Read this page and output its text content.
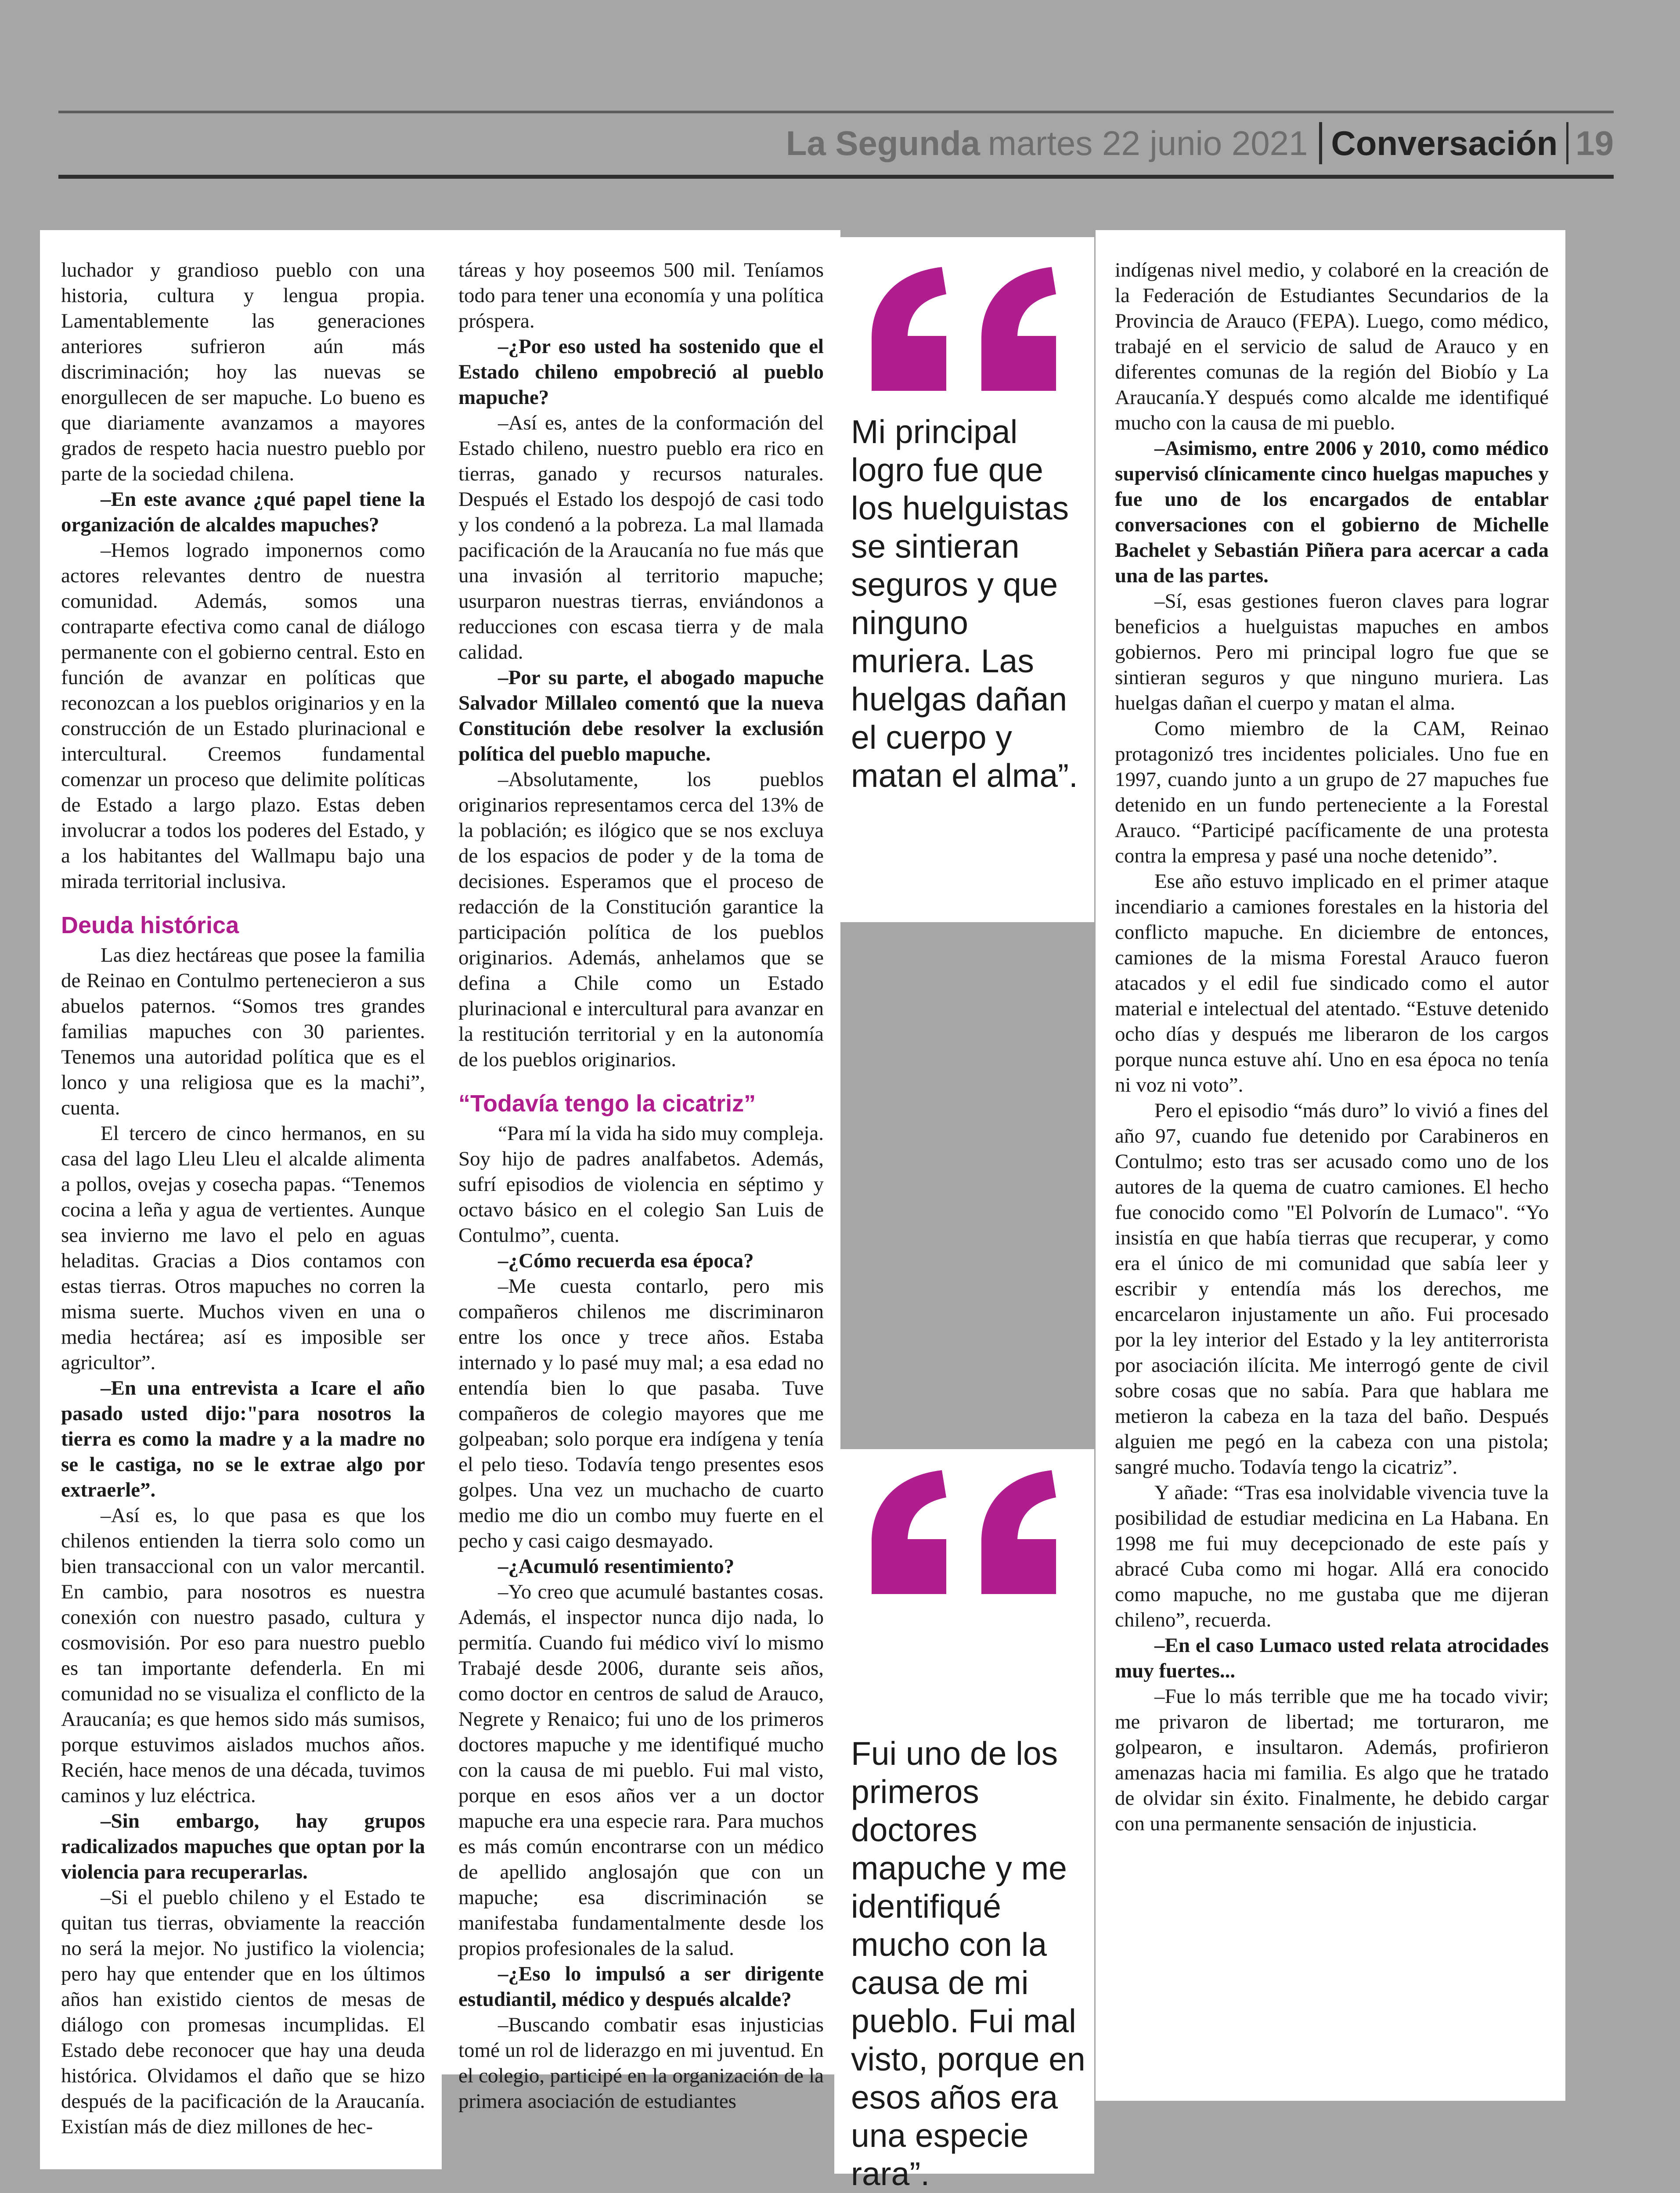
La Segunda martes 22 junio 2021 Conversación 19

luchador y grandioso pueblo con una historia, cultura y lengua propia. Lamentablemente las generaciones anteriores sufrieron aún más discriminación; hoy las nuevas se enorgullecen de ser mapuche. Lo bueno es que diariamente avanzamos a mayores grados de respeto hacia nuestro pueblo por parte de la sociedad chilena.

–En este avance ¿qué papel tiene la organización de alcaldes mapuches?

–Hemos logrado imponernos como actores relevantes dentro de nuestra comunidad. Además, somos una contraparte efectiva como canal de diálogo permanente con el gobierno central. Esto en función de avanzar en políticas que reconozcan a los pueblos originarios y en la construcción de un Estado plurinacional e intercultural. Creemos fundamental comenzar un proceso que delimite políticas de Estado a largo plazo. Estas deben involucrar a todos los poderes del Estado, y a los habitantes del Wallmapu bajo una mirada territorial inclusiva.

Deuda histórica

Las diez hectáreas que posee la familia de Reinao en Contulmo pertenecieron a sus abuelos paternos. “Somos tres grandes familias mapuches con 30 parientes. Tenemos una autoridad política que es el lonco y una religiosa que es la machi”, cuenta.

El tercero de cinco hermanos, en su casa del lago Lleu Lleu el alcalde alimenta a pollos, ovejas y cosecha papas. “Tenemos cocina a leña y agua de vertientes. Aunque sea invierno me lavo el pelo en aguas heladitas. Gracias a Dios contamos con estas tierras. Otros mapuches no corren la misma suerte. Muchos viven en una o media hectárea; así es imposible ser agricultor”.

–En una entrevista a Icare el año pasado usted dijo:"para nosotros la tierra es como la madre y a la madre no se le castiga, no se le extrae algo por extraerle”.

–Así es, lo que pasa es que los chilenos entienden la tierra solo como un bien transaccional con un valor mercantil. En cambio, para nosotros es nuestra conexión con nuestro pasado, cultura y cosmovisión. Por eso para nuestro pueblo es tan importante defenderla. En mi comunidad no se visualiza el conflicto de la Araucanía; es que hemos sido más sumisos, porque estuvimos aislados muchos años. Recién, hace menos de una década, tuvimos caminos y luz eléctrica.

–Sin embargo, hay grupos radicalizados mapuches que optan por la violencia para recuperarlas.

–Si el pueblo chileno y el Estado te quitan tus tierras, obviamente la reacción no será la mejor. No justifico la violencia; pero hay que entender que en los últimos años han existido cientos de mesas de diálogo con promesas incumplidas. El Estado debe reconocer que hay una deuda histórica. Olvidamos el daño que se hizo después de la pacificación de la Araucanía. Existían más de diez millones de hec-

táreas y hoy poseemos 500 mil. Teníamos todo para tener una economía y una política próspera.

–¿Por eso usted ha sostenido que el Estado chileno empobreció al pueblo mapuche?

–Así es, antes de la conformación del Estado chileno, nuestro pueblo era rico en tierras, ganado y recursos naturales. Después el Estado los despojó de casi todo y los condenó a la pobreza. La mal llamada pacificación de la Araucanía no fue más que una invasión al territorio mapuche; usurparon nuestras tierras, enviándonos a reducciones con escasa tierra y de mala calidad.

–Por su parte, el abogado mapuche Salvador Millaleo comentó que la nueva Constitución debe resolver la exclusión política del pueblo mapuche.

–Absolutamente, los pueblos originarios representamos cerca del 13% de la población; es ilógico que se nos excluya de los espacios de poder y de la toma de decisiones. Esperamos que el proceso de redacción de la Constitución garantice la participación política de los pueblos originarios. Además, anhelamos que se defina a Chile como un Estado plurinacional e intercultural para avanzar en la restitución territorial y en la autonomía de los pueblos originarios.

“Todavía tengo la cicatriz”

“Para mí la vida ha sido muy compleja. Soy hijo de padres analfabetos. Además, sufrí episodios de violencia en séptimo y octavo básico en el colegio San Luis de Contulmo”, cuenta.

–¿Cómo recuerda esa época?

–Me cuesta contarlo, pero mis compañeros chilenos me discriminaron entre los once y trece años. Estaba internado y lo pasé muy mal; a esa edad no entendía bien lo que pasaba. Tuve compañeros de colegio mayores que me golpeaban; solo porque era indígena y tenía el pelo tieso. Todavía tengo presentes esos golpes. Una vez un muchacho de cuarto medio me dio un combo muy fuerte en el pecho y casi caigo desmayado.

–¿Acumuló resentimiento?

–Yo creo que acumulé bastantes cosas. Además, el inspector nunca dijo nada, lo permitía. Cuando fui médico viví lo mismo Trabajé desde 2006, durante seis años, como doctor en centros de salud de Arauco, Negrete y Renaico; fui uno de los primeros doctores mapuche y me identifiqué mucho con la causa de mi pueblo. Fui mal visto, porque en esos años ver a un doctor mapuche era una especie rara. Para muchos es más común encontrarse con un médico de apellido anglosajón que con un mapuche; esa discriminación se manifestaba fundamentalmente desde los propios profesionales de la salud.

–¿Eso lo impulsó a ser dirigente estudiantil, médico y después alcalde?

–Buscando combatir esas injusticias tomé un rol de liderazgo en mi juventud. En el colegio, participé en la organización de la primera asociación de estudiantes

Mi principal logro fue que los huelguistas se sintieran seguros y que ninguno muriera. Las huelgas dañan el cuerpo y matan el alma”.

Fui uno de los primeros doctores mapuche y me identifiqué mucho con la causa de mi pueblo. Fui mal visto, porque en esos años era una especie rara”.

indígenas nivel medio, y colaboré en la creación de la Federación de Estudiantes Secundarios de la Provincia de Arauco (FEPA). Luego, como médico, trabajé en el servicio de salud de Arauco y en diferentes comunas de la región del Biobío y La Araucanía.Y después como alcalde me identifiqué mucho con la causa de mi pueblo.

–Asimismo, entre 2006 y 2010, como médico supervisó clínicamente cinco huelgas mapuches y fue uno de los encargados de entablar conversaciones con el gobierno de Michelle Bachelet y Sebastián Piñera para acercar a cada una de las partes.

–Sí, esas gestiones fueron claves para lograr beneficios a huelguistas mapuches en ambos gobiernos. Pero mi principal logro fue que se sintieran seguros y que ninguno muriera. Las huelgas dañan el cuerpo y matan el alma.

Como miembro de la CAM, Reinao protagonizó tres incidentes policiales. Uno fue en 1997, cuando junto a un grupo de 27 mapuches fue detenido en un fundo perteneciente a la Forestal Arauco. “Participé pacíficamente de una protesta contra la empresa y pasé una noche detenido”.

Ese año estuvo implicado en el primer ataque incendiario a camiones forestales en la historia del conflicto mapuche. En diciembre de entonces, camiones de la misma Forestal Arauco fueron atacados y el edil fue sindicado como el autor material e intelectual del atentado. “Estuve detenido ocho días y después me liberaron de los cargos porque nunca estuve ahí. Uno en esa época no tenía ni voz ni voto”.

Pero el episodio “más duro” lo vivió a fines del año 97, cuando fue detenido por Carabineros en Contulmo; esto tras ser acusado como uno de los autores de la quema de cuatro camiones. El hecho fue conocido como "El Polvorín de Lumaco". “Yo insistía en que había tierras que recuperar, y como era el único de mi comunidad que sabía leer y escribir y entendía más los derechos, me encarcelaron injustamente un año. Fui procesado por la ley interior del Estado y la ley antiterrorista por asociación ilícita. Me interrogó gente de civil sobre cosas que no sabía. Para que hablara me metieron la cabeza en la taza del baño. Después alguien me pegó en la cabeza con una pistola; sangré mucho. Todavía tengo la cicatriz”.

Y añade: “Tras esa inolvidable vivencia tuve la posibilidad de estudiar medicina en La Habana. En 1998 me fui muy decepcionado de este país y abracé Cuba como mi hogar. Allá era conocido como mapuche, no me gustaba que me dijeran chileno”, recuerda.

–En el caso Lumaco usted relata atrocidades muy fuertes...

–Fue lo más terrible que me ha tocado vivir; me privaron de libertad; me torturaron, me golpearon, e insultaron. Además, profirieron amenazas hacia mi familia. Es algo que he tratado de olvidar sin éxito. Finalmente, he debido cargar con una permanente sensación de injusticia.
